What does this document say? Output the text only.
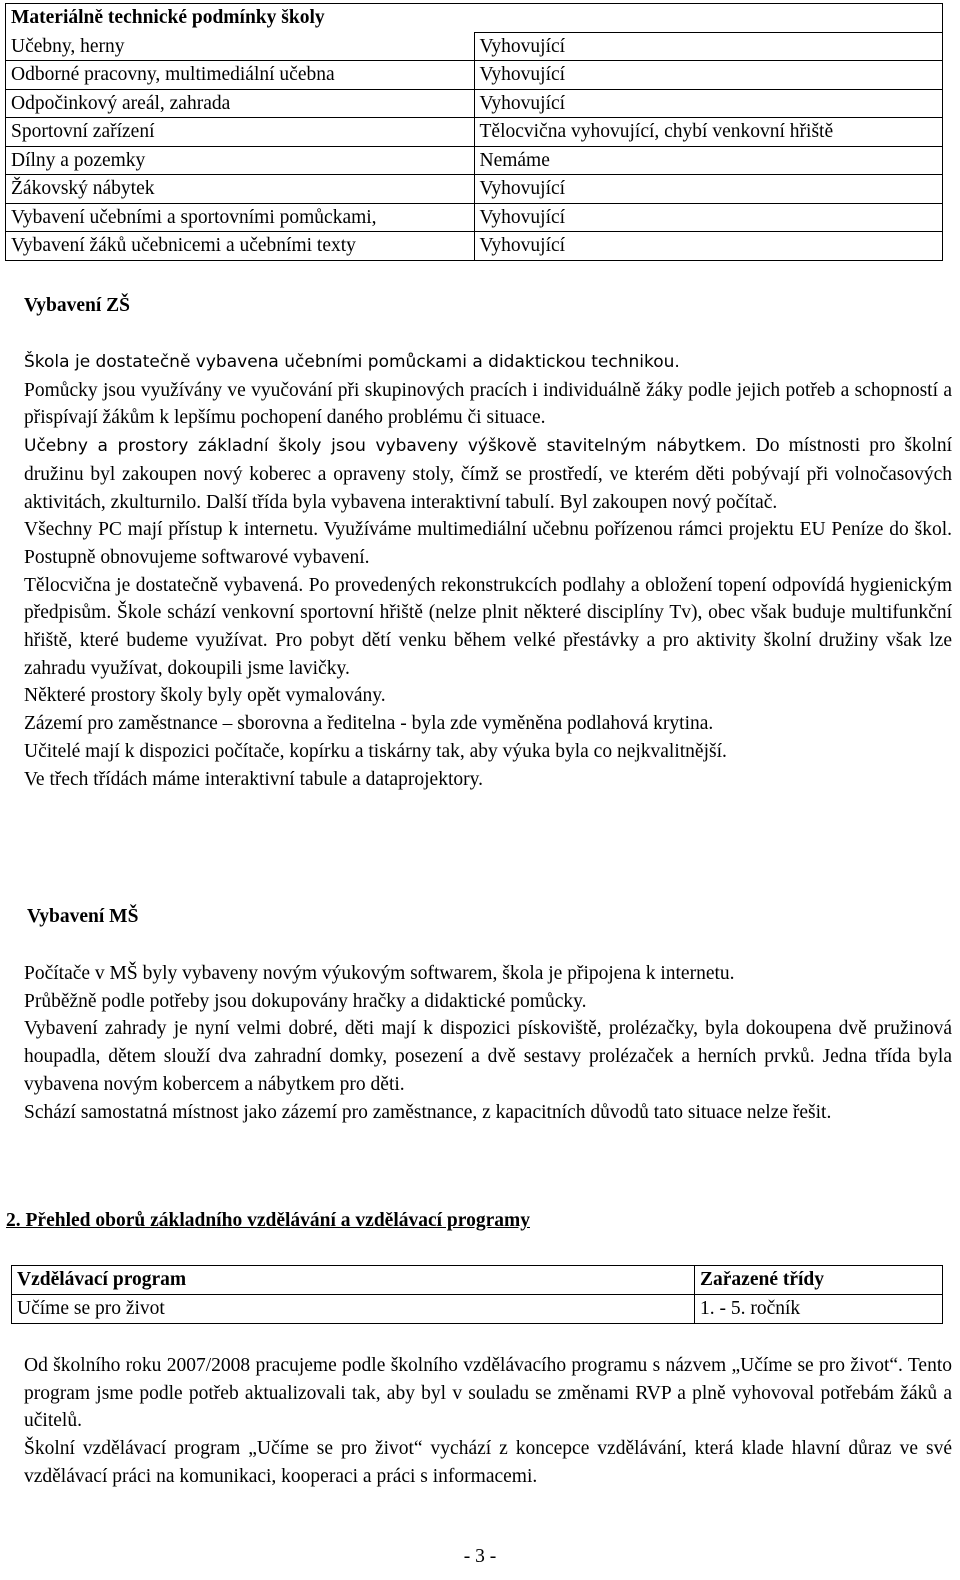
Materiálně technické podmínky školy	
Učebny, herny	Vyhovující
Odborné pracovny, multimediální učebna	Vyhovující
Odpočinkový areál, zahrada	Vyhovující
Sportovní zařízení	Tělocvična vyhovující, chybí venkovní hřiště
Dílny a pozemky	Nemáme
Žákovský nábytek	Vyhovující
Vybavení učebními a sportovními pomůckami,	Vyhovující
Vybavení žáků učebnicemi a učebními texty	Vyhovující
Vybavení ZŠ

Škola je dostatečně vybavena učebními pomůckami a didaktickou technikou.

Pomůcky jsou využívány ve vyučování při skupinových pracích i individuálně žáky podle jejich potřeb a schopností a přispívají žákům k lepšímu pochopení daného problému či situace.

Učebny a prostory základní školy jsou vybaveny výškově stavitelným nábytkem. Do místnosti pro školní družinu byl zakoupen nový koberec a opraveny stoly, čímž se prostředí, ve kterém děti pobývají při volnočasových aktivitách, zkulturnilo. Další třída byla vybavena interaktivní tabulí. Byl zakoupen nový počítač.

Všechny PC mají přístup k internetu. Využíváme multimediální učebnu pořízenou rámci projektu EU Peníze do škol. Postupně obnovujeme softwarové vybavení.

Tělocvična je dostatečně vybavená. Po provedených rekonstrukcích podlahy a obložení topení odpovídá hygienickým předpisům. Škole schází venkovní sportovní hřiště (nelze plnit některé disciplíny Tv), obec však buduje multifunkční hřiště, které budeme využívat. Pro pobyt dětí venku během velké přestávky a pro aktivity školní družiny však lze zahradu využívat, dokoupili jsme lavičky.

Některé prostory školy byly opět vymalovány.

Zázemí pro zaměstnance – sborovna a ředitelna - byla zde vyměněna podlahová krytina.

Učitelé mají k dispozici počítače, kopírku a tiskárny tak, aby výuka byla co nejkvalitnější.

Ve třech třídách máme interaktivní tabule a dataprojektory.

Vybavení MŠ

Počítače v MŠ byly vybaveny novým výukovým softwarem, škola je připojena k internetu.

Průběžně podle potřeby jsou dokupovány hračky a didaktické pomůcky.

Vybavení zahrady je nyní velmi dobré, děti mají k dispozici pískoviště, prolézačky, byla dokoupena dvě pružinová houpadla, dětem slouží dva zahradní domky, posezení a dvě sestavy prolézaček a herních prvků. Jedna třída byla vybavena novým kobercem a nábytkem pro děti.

Schází samostatná místnost jako zázemí pro zaměstnance, z kapacitních důvodů tato situace nelze řešit.

2. Přehled oborů základního vzdělávání a vzdělávací programy
Vzdělávací program	Zařazené třídy
Učíme se pro život	1. - 5. ročník

Od školního roku 2007/2008 pracujeme podle školního vzdělávacího programu s názvem „Učíme se pro život“. Tento program jsme podle potřeb aktualizovali tak, aby byl v souladu se změnami RVP a plně vyhovoval potřebám žáků a učitelů.

Školní vzdělávací program „Učíme se pro život“ vychází z koncepce vzdělávání, která klade hlavní důraz ve své vzdělávací práci na komunikaci, kooperaci a práci s informacemi.

- 3 -
